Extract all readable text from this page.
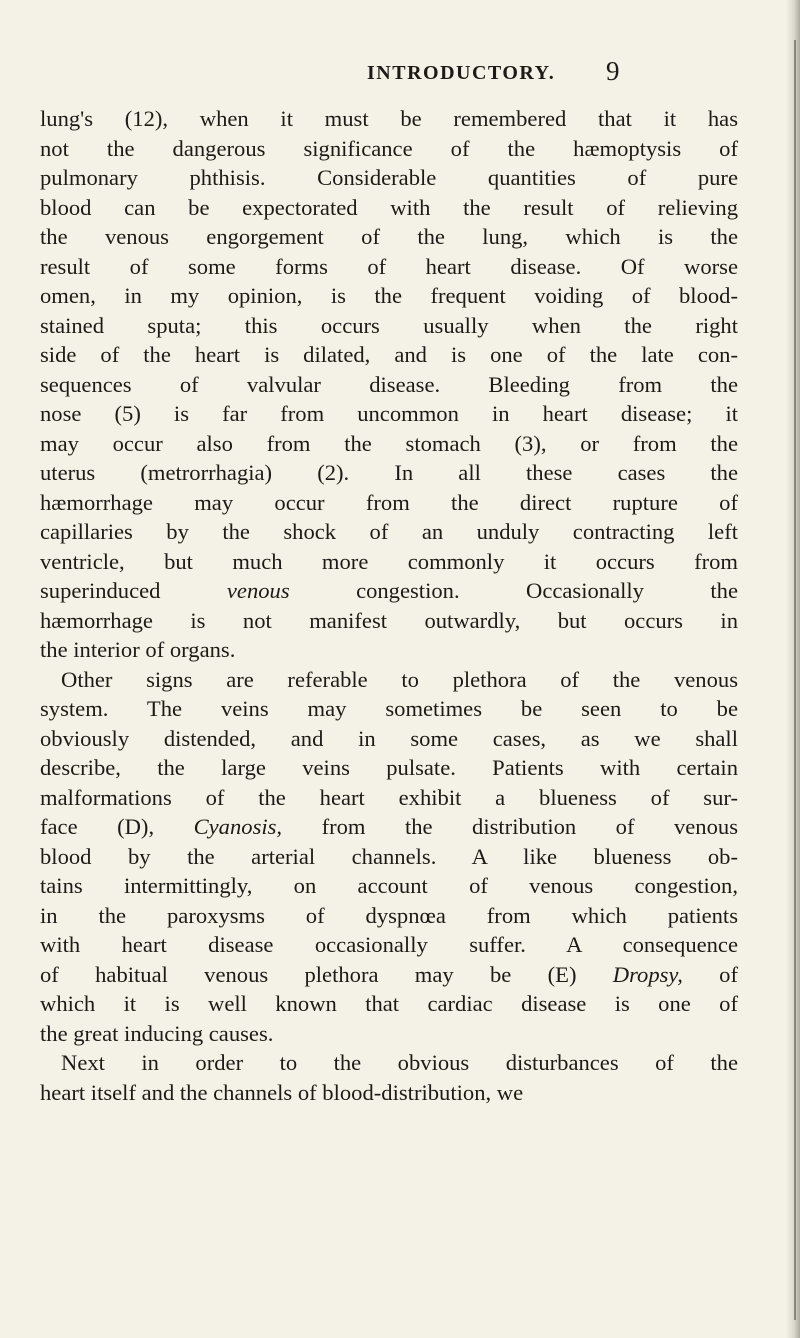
INTRODUCTORY. 9
lung's (12), when it must be remembered that it has
not the dangerous significance of the hæmoptysis of
pulmonary phthisis. Considerable quantities of pure
blood can be expectorated with the result of relieving
the venous engorgement of the lung, which is the
result of some forms of heart disease. Of worse
omen, in my opinion, is the frequent voiding of blood-
stained sputa; this occurs usually when the right
side of the heart is dilated, and is one of the late con-
sequences of valvular disease. Bleeding from the
nose (5) is far from uncommon in heart disease; it
may occur also from the stomach (3), or from the
uterus (metrorrhagia) (2). In all these cases the
hæmorrhage may occur from the direct rupture of
capillaries by the shock of an unduly contracting left
ventricle, but much more commonly it occurs from
superinduced	venous	congestion. Occasionally the
hæmorrhage is not manifest outwardly, but occurs in
the interior of organs.
Other signs are referable to plethora of the venous
system. The veins may sometimes be seen to be
obviously distended, and in some cases, as we shall
describe, the large veins pulsate. Patients with certain
malformations of the heart exhibit a blueness of sur-
face (D), Cyanosis, from the distribution of venous
blood by the arterial channels. A like blueness ob-
tains intermittingly, on account of venous congestion,
in the paroxysms of dyspnœa from which patients
with heart disease occasionally suffer. A consequence
of habitual venous plethora may be (E) Dropsy, of
which it is well known that cardiac disease is one of
the great inducing causes.
Next in order to the obvious disturbances of the
heart itself and the channels of blood-distribution, we
